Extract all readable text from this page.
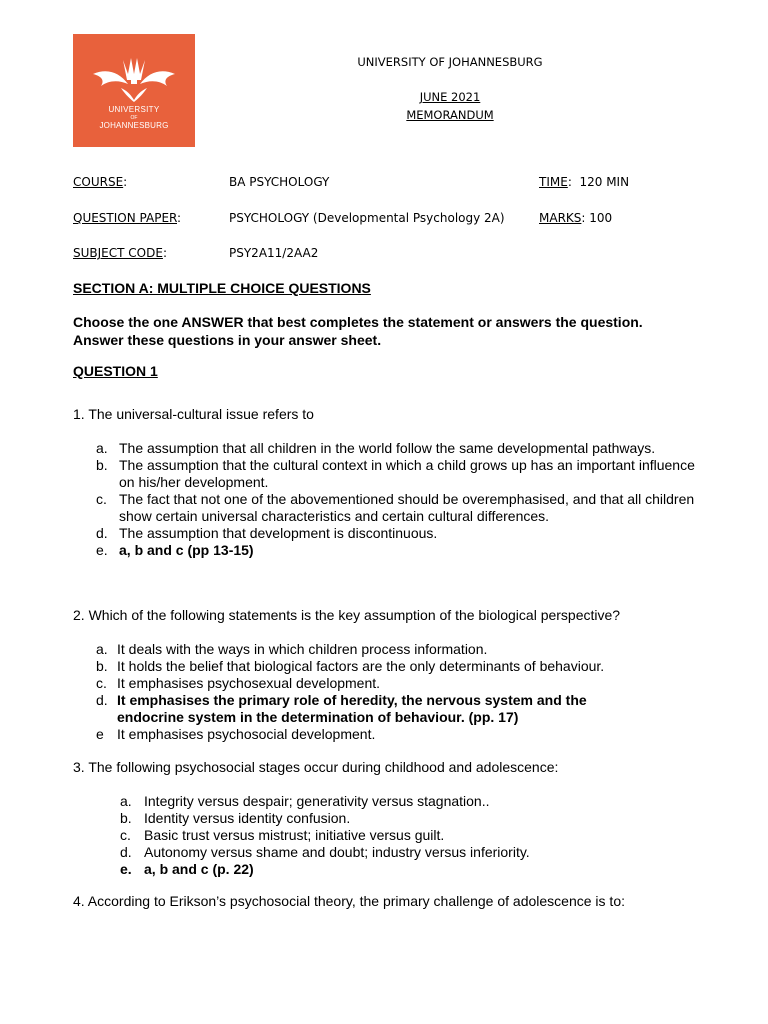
UNIVERSITY
OF
JOHANNESBURG
UNIVERSITY OF JOHANNESBURG
JUNE 2021
MEMORANDUM
COURSE:	BA PSYCHOLOGY	TIME:  120 MIN
QUESTION PAPER:	PSYCHOLOGY (Developmental Psychology 2A)	MARKS: 100
SUBJECT CODE:	PSY2A11/2AA2
SECTION A: MULTIPLE CHOICE QUESTIONS
Choose the one ANSWER that best completes the statement or answers the question. Answer these questions in your answer sheet.
QUESTION 1
1. The universal-cultural issue refers to
a. The assumption that all children in the world follow the same developmental pathways.
b. The assumption that the cultural context in which a child grows up has an important influence on his/her development.
c. The fact that not one of the abovementioned should be overemphasised, and that all children show certain universal characteristics and certain cultural differences.
d. The assumption that development is discontinuous.
e. a, b and c (pp 13-15)
2. Which of the following statements is the key assumption of the biological perspective?
a. It deals with the ways in which children process information.
b. It holds the belief that biological factors are the only determinants of behaviour.
c. It emphasises psychosexual development.
d. It emphasises the primary role of heredity, the nervous system and the endocrine system in the determination of behaviour. (pp. 17)
e It emphasises psychosocial development.
3. The following psychosocial stages occur during childhood and adolescence:
a. Integrity versus despair; generativity versus stagnation..
b. Identity versus identity confusion.
c. Basic trust versus mistrust; initiative versus guilt.
d. Autonomy versus shame and doubt; industry versus inferiority.
e. a, b and c (p. 22)
4. According to Erikson’s psychosocial theory, the primary challenge of adolescence is to:
